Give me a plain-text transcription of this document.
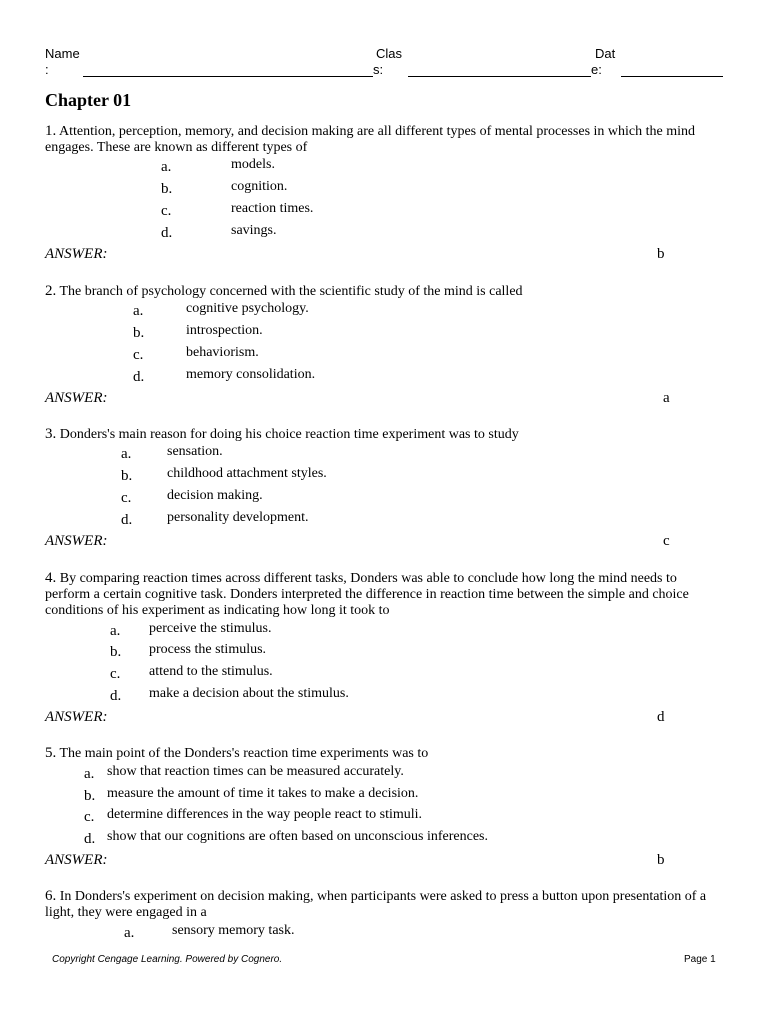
Name
:
Clas
s:
Dat
e:
Chapter 01

1. Attention, perception, memory, and decision making are all different types of mental processes in which the mind engages. These are known as different types of

a.	models.
b.	cognition.
c.	reaction times.
d.	savings.
ANSWER:	b

2. The branch of psychology concerned with the scientific study of the mind is called

a.	cognitive psychology.
b.	introspection.
c.	behaviorism.
d.	memory consolidation.
ANSWER:	a

3. Donders's main reason for doing his choice reaction time experiment was to study

a.	sensation.
b. childhood attachment styles.
c.	decision making.
d. personality development.
ANSWER:	c

4. By comparing reaction times across different tasks, Donders was able to conclude how long the mind needs to perform a certain cognitive task. Donders interpreted the difference in reaction time between the simple and choice conditions of his experiment as indicating how long it took to

a. perceive the stimulus.
b. process the stimulus.
c. attend to the stimulus.
d. make a decision about the stimulus.
ANSWER:	d

5. The main point of the Donders's reaction time experiments was to

a. show that reaction times can be measured accurately.
b. measure the amount of time it takes to make a decision.
c. determine differences in the way people react to stimuli.
d. show that our cognitions are often based on unconscious inferences.
ANSWER:	b

6. In Donders's experiment on decision making, when participants were asked to press a button upon presentation of a light, they were engaged in a

a.	sensory memory task.
Copyright Cengage Learning. Powered by Cognero.	Page 1
